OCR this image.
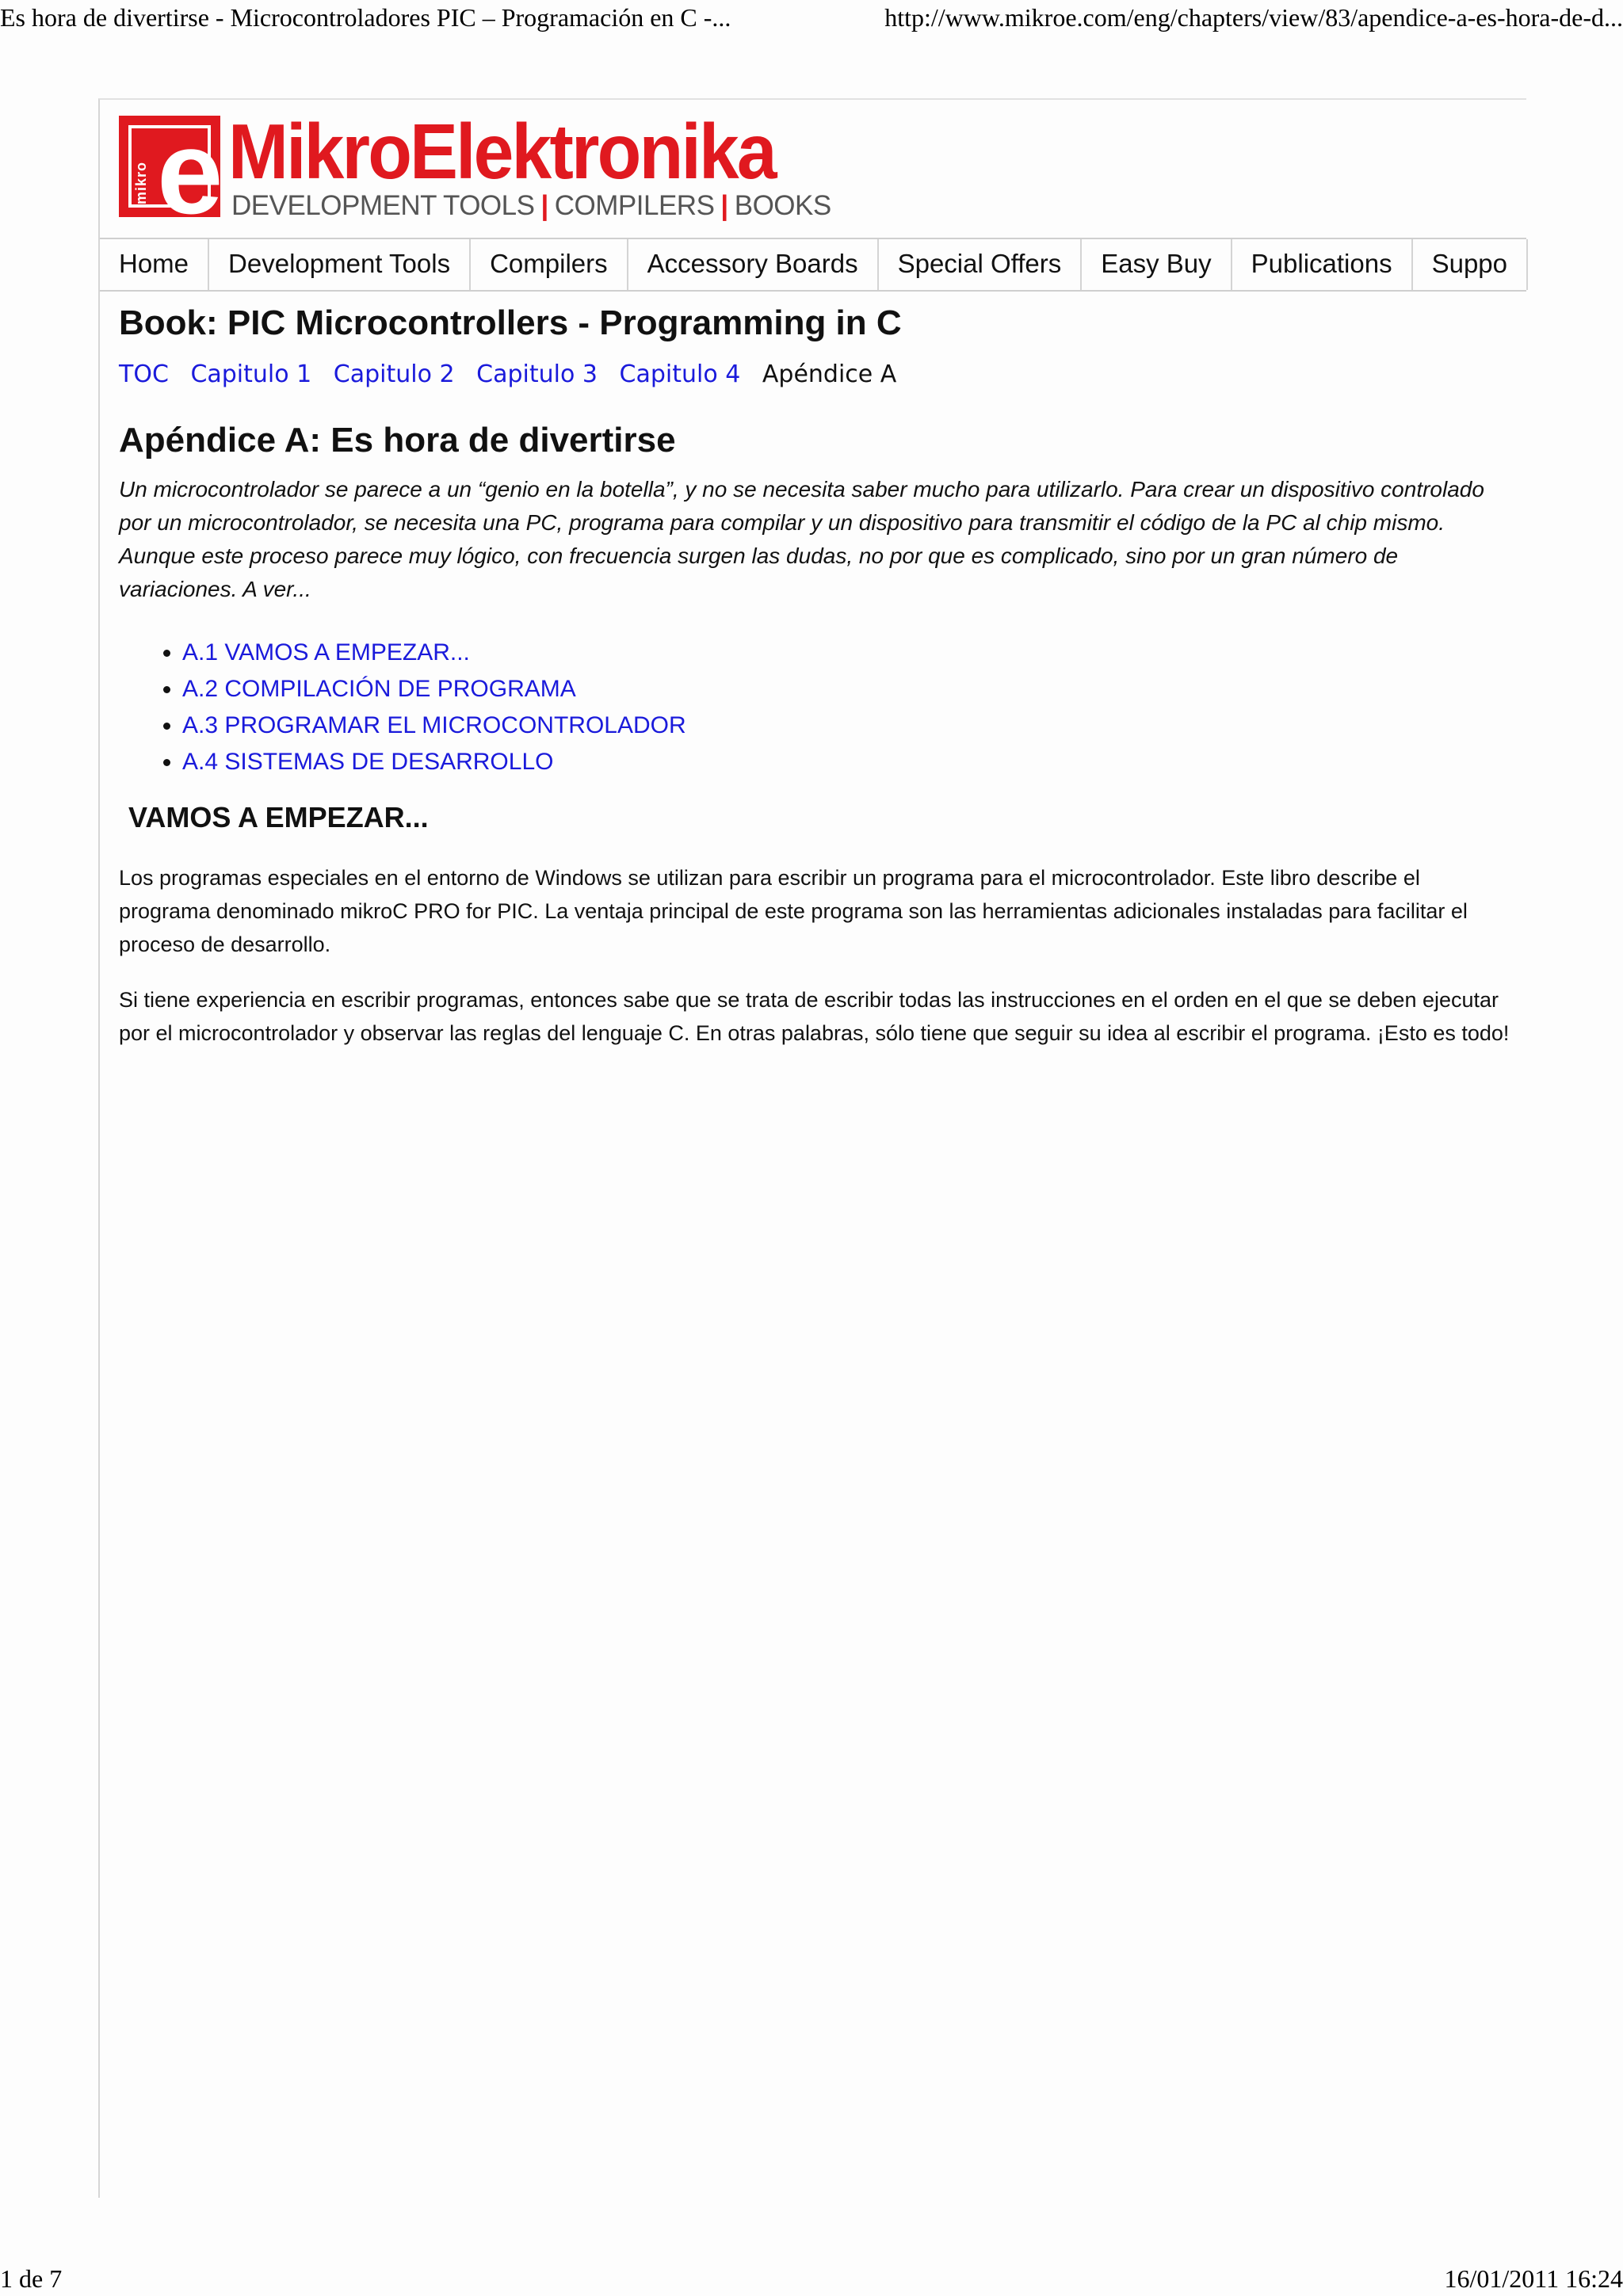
Es hora de divertirse - Microcontroladores PIC – Programación en C -...	http://www.mikroe.com/eng/chapters/view/83/apendice-a-es-hora-de-d...
e
mikro MikroElektronika
DEVELOPMENT TOOLS | COMPILERS | BOOKS
Home	Development Tools	Compilers	Accessory Boards	Special Offers	Easy Buy	Publications	Suppo
Book: PIC Microcontrollers - Programming in C
TOC Capitulo 1 Capitulo 2 Capitulo 3 Capitulo 4 Apéndice A
Apéndice A: Es hora de divertirse

Un microcontrolador se parece a un “genio en la botella”, y no se necesita saber mucho para utilizarlo. Para crear un dispositivo controlado por un microcontrolador, se necesita una PC, programa para compilar y un dispositivo para transmitir el código de la PC al chip mismo. Aunque este proceso parece muy lógico, con frecuencia surgen las dudas, no por que es complicado, sino por un gran número de variaciones. A ver...

• A.1 VAMOS A EMPEZAR...
• A.2 COMPILACIÓN DE PROGRAMA
• A.3 PROGRAMAR EL MICROCONTROLADOR
• A.4 SISTEMAS DE DESARROLLO
VAMOS A EMPEZAR...

Los programas especiales en el entorno de Windows se utilizan para escribir un programa para el microcontrolador. Este libro describe el programa denominado mikroC PRO for PIC. La ventaja principal de este programa son las herramientas adicionales instaladas para facilitar el proceso de desarrollo.

Si tiene experiencia en escribir programas, entonces sabe que se trata de escribir todas las instrucciones en el orden en el que se deben ejecutar por el microcontrolador y observar las reglas del lenguaje C. En otras palabras, sólo tiene que seguir su idea al escribir el programa. ¡Esto es todo!

1 de 7	16/01/2011 16:24
